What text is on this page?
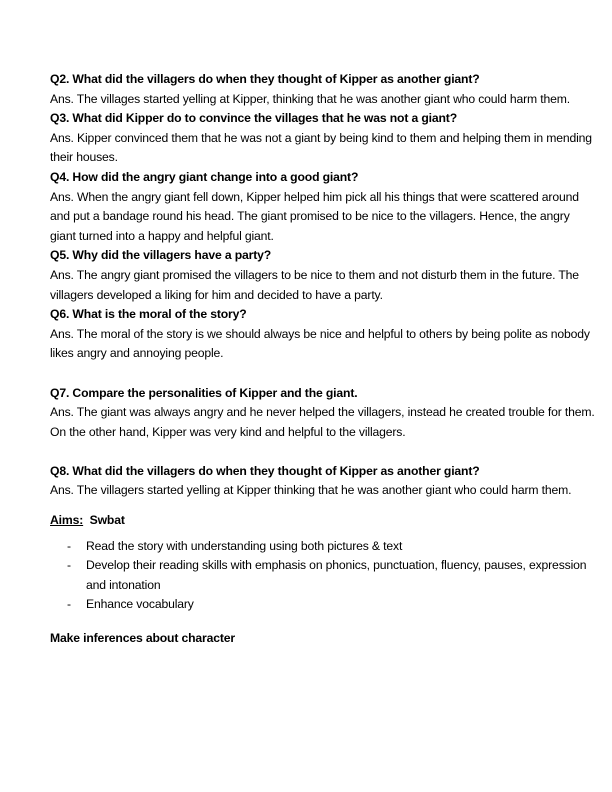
Q2. What did the villagers do when they thought of Kipper as another giant?

Ans. The villages started yelling at Kipper, thinking that he was another giant who could harm them.

Q3. What did Kipper do to convince the villages that he was not a giant?

Ans. Kipper convinced them that he was not a giant by being kind to them and helping them in mending their houses.

Q4. How did the angry giant change into a good giant?

Ans. When the angry giant fell down, Kipper helped him pick all his things that were scattered around and put a bandage round his head. The giant promised to be nice to the villagers. Hence, the angry giant turned into a happy and helpful giant.

Q5. Why did the villagers have a party?

Ans. The angry giant promised the villagers to be nice to them and not disturb them in the future. The villagers developed a liking for him and decided to have a party.

Q6. What is the moral of the story?

Ans. The moral of the story is we should always be nice and helpful to others by being polite as nobody likes angry and annoying people.

Q7. Compare the personalities of Kipper and the giant.

Ans. The giant was always angry and he never helped the villagers, instead he created trouble for them. On the other hand, Kipper was very kind and helpful to the villagers.

Q8. What did the villagers do when they thought of Kipper as another giant?

Ans. The villagers started yelling at Kipper thinking that he was another giant who could harm them.

Aims: Swbat

- Read the story with understanding using both pictures & text
- Develop their reading skills with emphasis on phonics, punctuation, fluency, pauses, expression and intonation
- Enhance vocabulary

Make inferences about character
